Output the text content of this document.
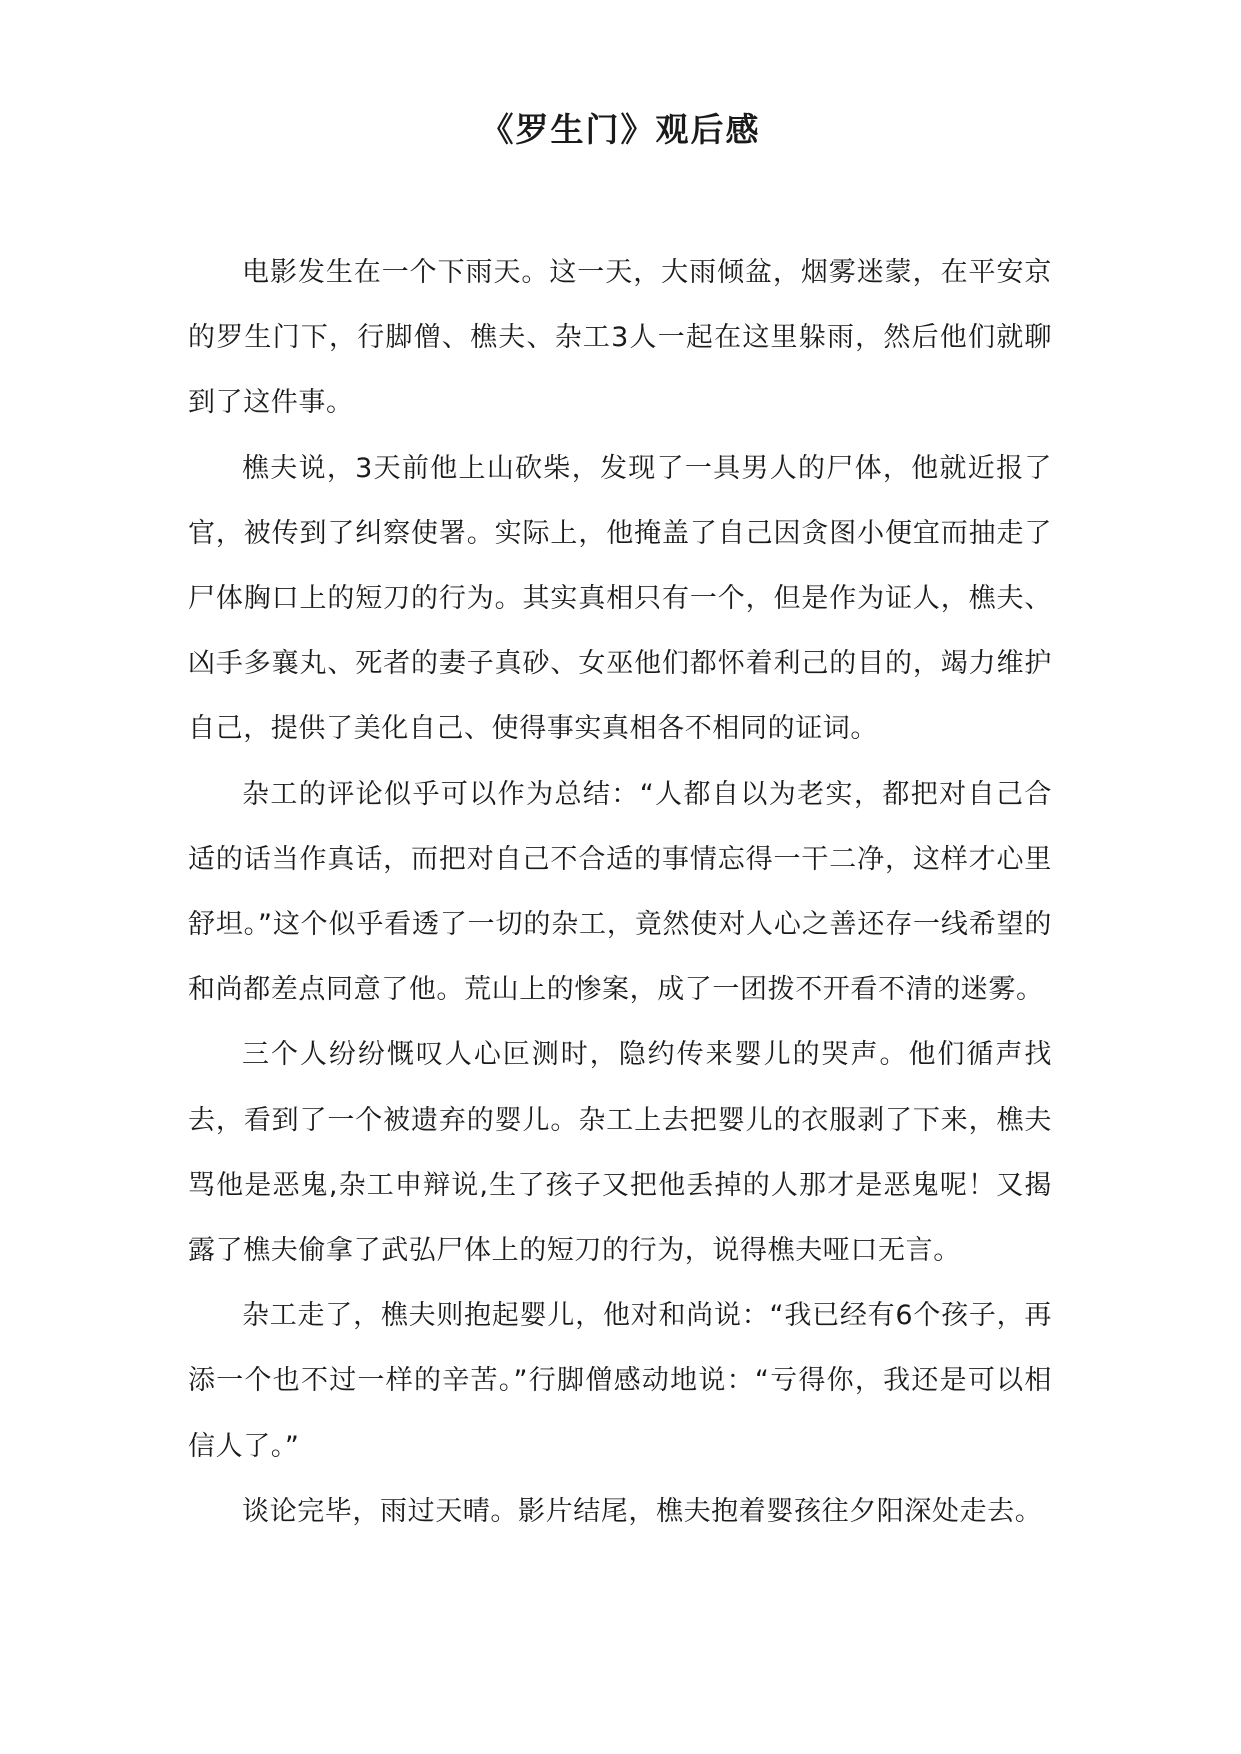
《罗生门》观后感

电影发生在一个下雨天。这一天，大雨倾盆，烟雾迷蒙，在平安京的罗生门下，行脚僧、樵夫、杂工3人一起在这里躲雨，然后他们就聊到了这件事。

樵夫说，3天前他上山砍柴，发现了一具男人的尸体，他就近报了官，被传到了纠察使署。实际上，他掩盖了自己因贪图小便宜而抽走了尸体胸口上的短刀的行为。其实真相只有一个，但是作为证人，樵夫、凶手多襄丸、死者的妻子真砂、女巫他们都怀着利己的目的，竭力维护自己，提供了美化自己、使得事实真相各不相同的证词。

杂工的评论似乎可以作为总结：“人都自以为老实，都把对自己合适的话当作真话，而把对自己不合适的事情忘得一干二净，这样才心里舒坦。”这个似乎看透了一切的杂工，竟然使对人心之善还存一线希望的和尚都差点同意了他。荒山上的惨案，成了一团拨不开看不清的迷雾。

三个人纷纷慨叹人心叵测时，隐约传来婴儿的哭声。他们循声找去，看到了一个被遗弃的婴儿。杂工上去把婴儿的衣服剥了下来，樵夫骂他是恶鬼,杂工申辩说,生了孩子又把他丢掉的人那才是恶鬼呢！又揭露了樵夫偷拿了武弘尸体上的短刀的行为，说得樵夫哑口无言。

杂工走了，樵夫则抱起婴儿，他对和尚说：“我已经有6个孩子，再添一个也不过一样的辛苦。”行脚僧感动地说：“亏得你，我还是可以相信人了。”

谈论完毕，雨过天晴。影片结尾，樵夫抱着婴孩往夕阳深处走去。
